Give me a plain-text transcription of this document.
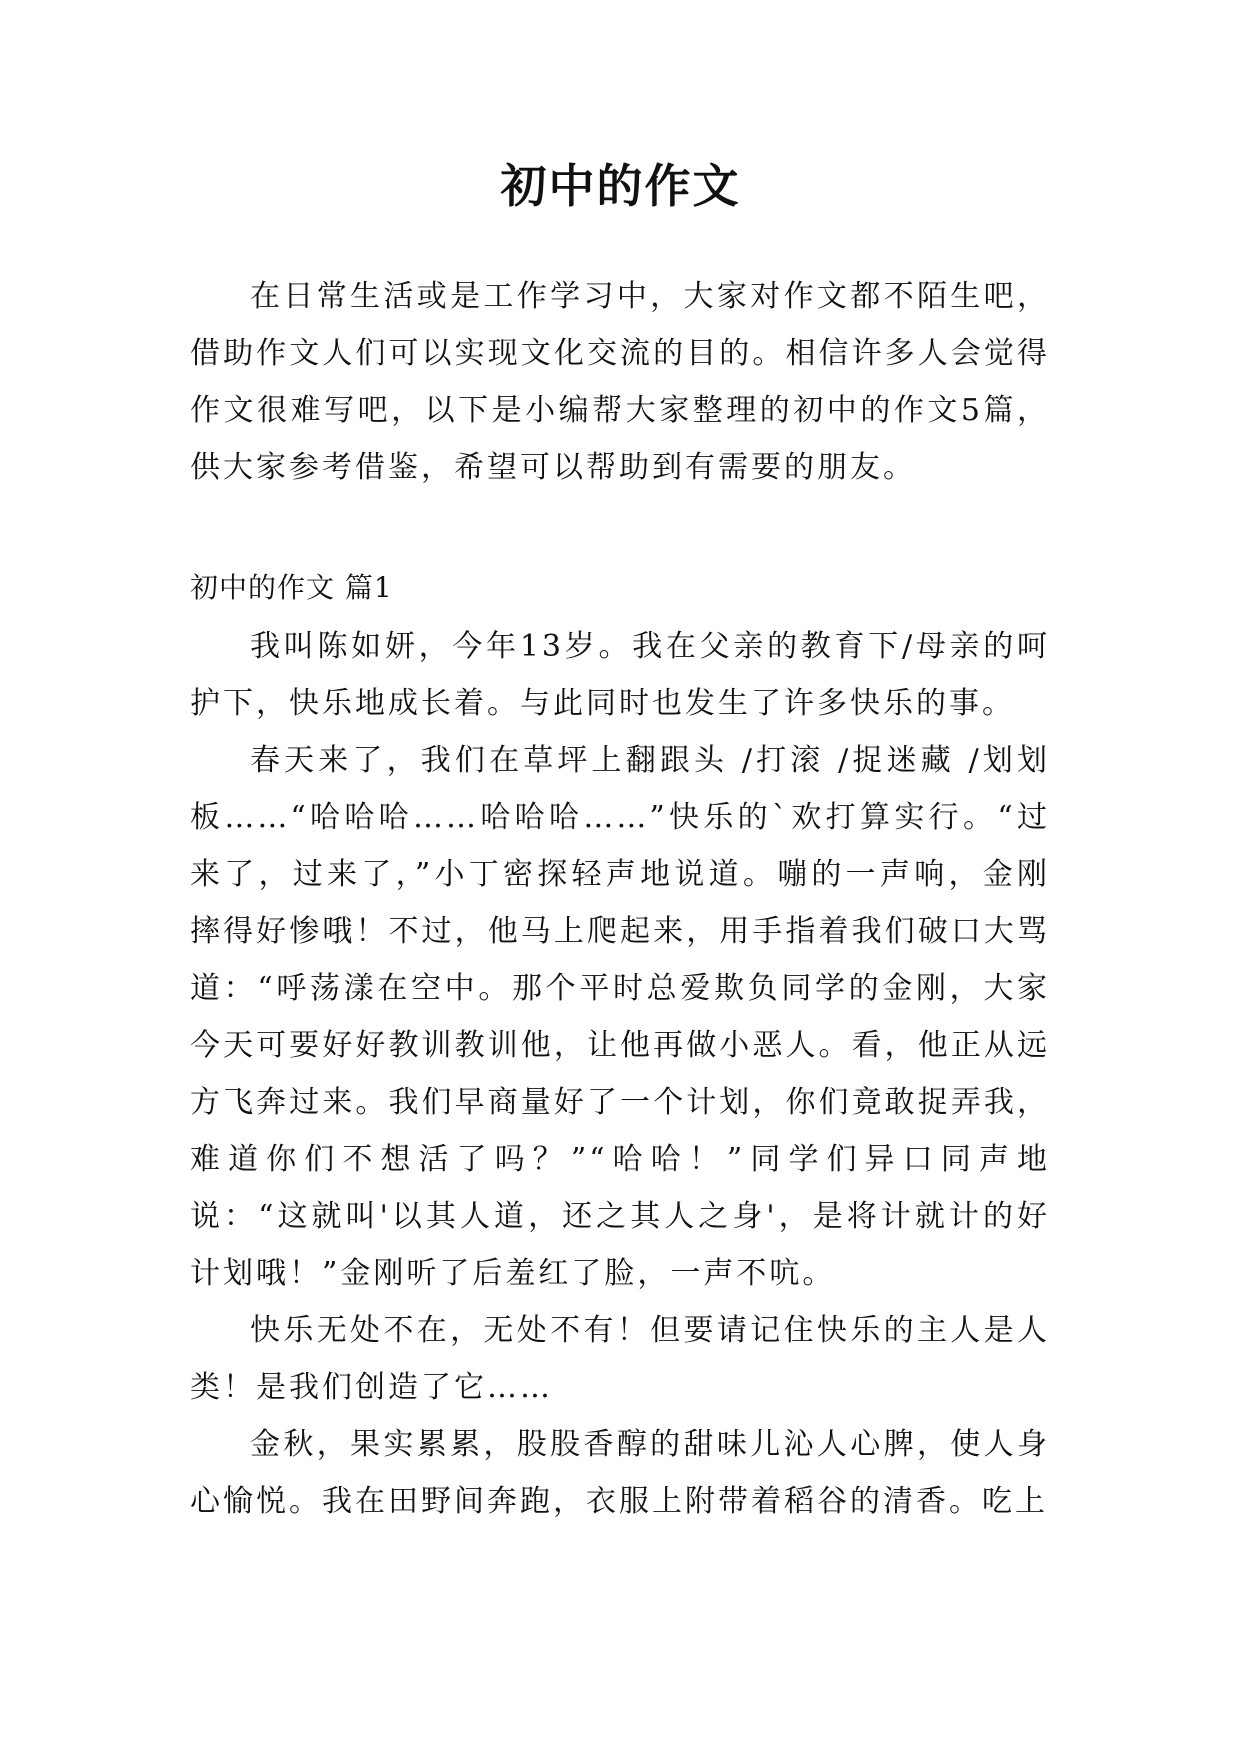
初中的作文

在日常生活或是工作学习中，大家对作文都不陌生吧，借助作文人们可以实现文化交流的目的。相信许多人会觉得作文很难写吧，以下是小编帮大家整理的初中的作文5篇，供大家参考借鉴，希望可以帮助到有需要的朋友。

初中的作文 篇1

我叫陈如妍，今年13岁。我在父亲的教育下/母亲的呵护下，快乐地成长着。与此同时也发生了许多快乐的事。

春天来了，我们在草坪上翻跟头 /打滚 /捉迷藏 /划划板……“哈哈哈……哈哈哈……”快乐的`欢打算实行。“过来了，过来了，”小丁密探轻声地说道。嘣的一声响，金刚摔得好惨哦！不过，他马上爬起来，用手指着我们破口大骂道：“呼荡漾在空中。那个平时总爱欺负同学的金刚，大家今天可要好好教训教训他，让他再做小恶人。看，他正从远方飞奔过来。我们早商量好了一个计划，你们竟敢捉弄我，难道你们不想活了吗？”“哈哈！”同学们异口同声地说：“这就叫'以其人道，还之其人之身'，是将计就计的好计划哦！”金刚听了后羞红了脸，一声不吭。

快乐无处不在，无处不有！但要请记住快乐的主人是人类！是我们创造了它……

金秋，果实累累，股股香醇的甜味儿沁人心脾，使人身心愉悦。我在田野间奔跑，衣服上附带着稻谷的清香。吃上
